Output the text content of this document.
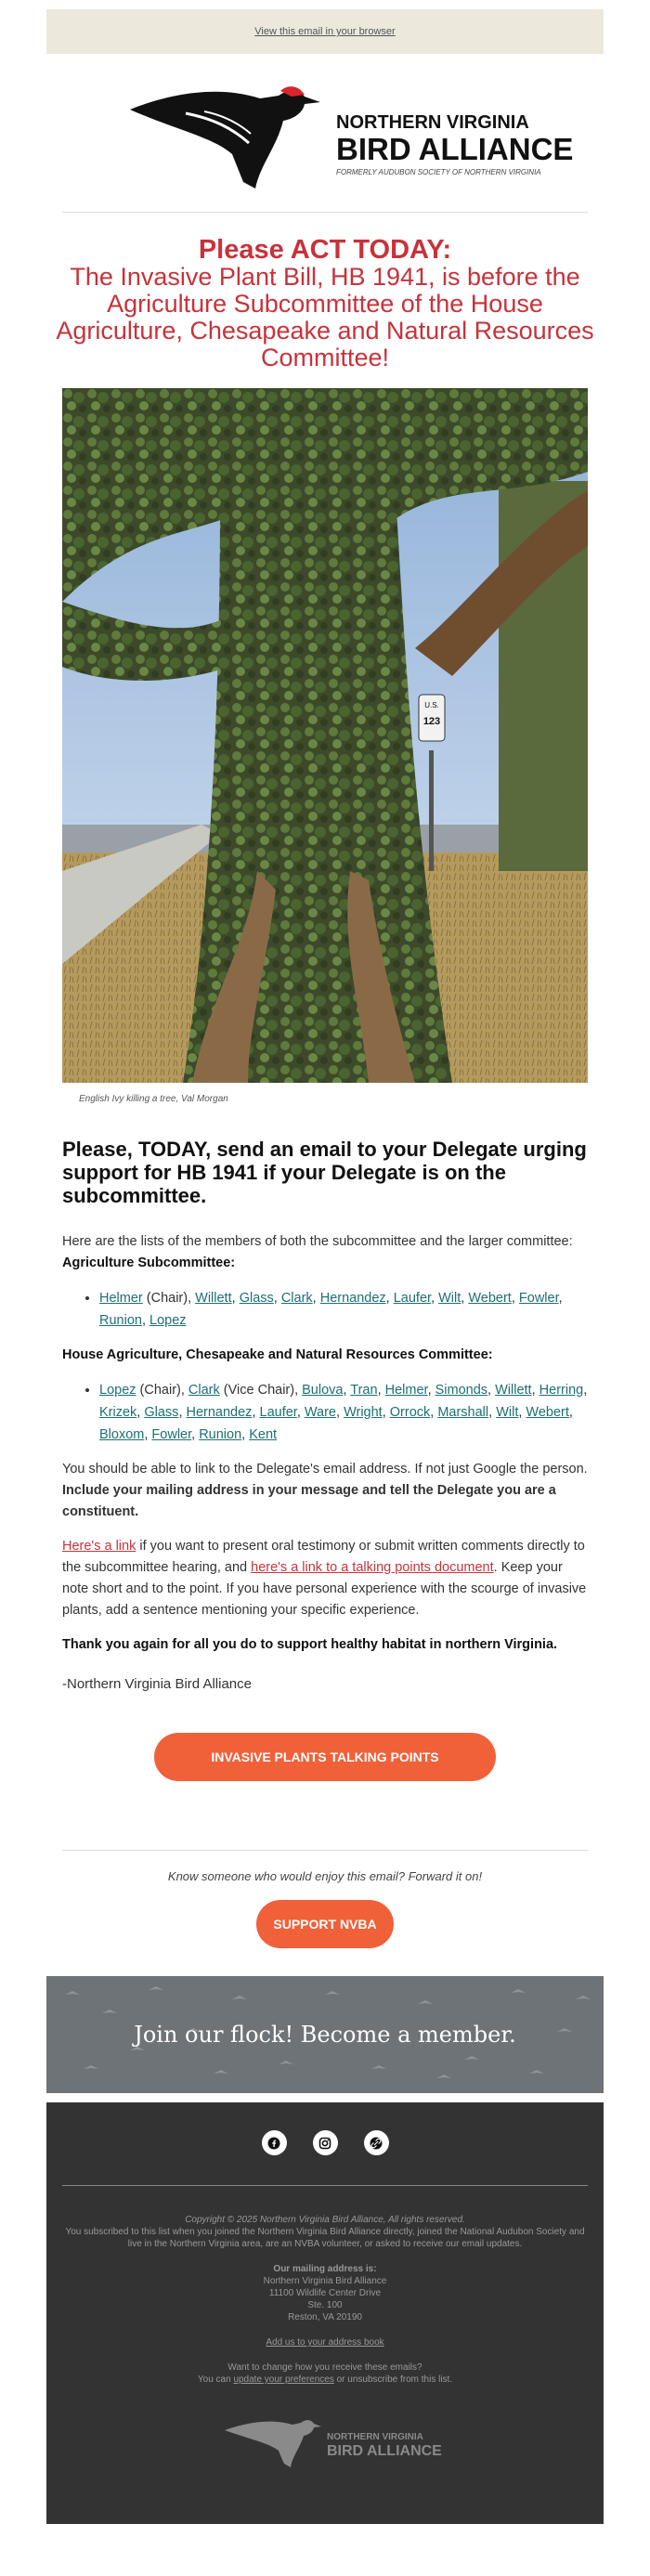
View this email in your browser
NORTHERN VIRGINIA
BIRD ALLIANCE
FORMERLY AUDUBON SOCIETY OF NORTHERN VIRGINIA
Please ACT TODAY:
The Invasive Plant Bill, HB 1941, is before the Agriculture Subcommittee of the House Agriculture, Chesapeake and Natural Resources Committee!
U.S.
123
English Ivy killing a tree, Val Morgan
Please, TODAY, send an email to your Delegate urging support for HB 1941 if your Delegate is on the subcommittee.

Here are the lists of the members of both the subcommittee and the larger committee:

Agriculture Subcommittee:

• Helmer (Chair), Willett, Glass, Clark, Hernandez, Laufer, Wilt, Webert, Fowler, Runion, Lopez

House Agriculture, Chesapeake and Natural Resources Committee:

• Lopez (Chair), Clark (Vice Chair), Bulova, Tran, Helmer, Simonds, Willett, Herring, Krizek, Glass, Hernandez, Laufer, Ware, Wright, Orrock, Marshall, Wilt, Webert, Bloxom, Fowler, Runion, Kent

You should be able to link to the Delegate's email address. If not just Google the person. Include your mailing address in your message and tell the Delegate you are a constituent.

Here's a link if you want to present oral testimony or submit written comments directly to the subcommittee hearing, and here's a link to a talking points document. Keep your note short and to the point. If you have personal experience with the scourge of invasive plants, add a sentence mentioning your specific experience.

Thank you again for all you do to support healthy habitat in northern Virginia.

-Northern Virginia Bird Alliance
INVASIVE PLANTS TALKING POINTS DOCUMENT
Know someone who would enjoy this email? Forward it on!
SUPPORT NVBA
Join our flock! Become a member.

Copyright © 2025 Northern Virginia Bird Alliance, All rights reserved.

You subscribed to this list when you joined the Northern Virginia Bird Alliance directly, joined the National Audubon Society and live in the Northern Virginia area, are an NVBA volunteer, or asked to receive our email updates.

Our mailing address is:

Northern Virginia Bird Alliance

11100 Wildlife Center Drive

Ste. 100

Reston, VA 20190

Add us to your address book

Want to change how you receive these emails?

You can update your preferences or unsubscribe from this list.

NORTHERN VIRGINIA
BIRD ALLIANCE
